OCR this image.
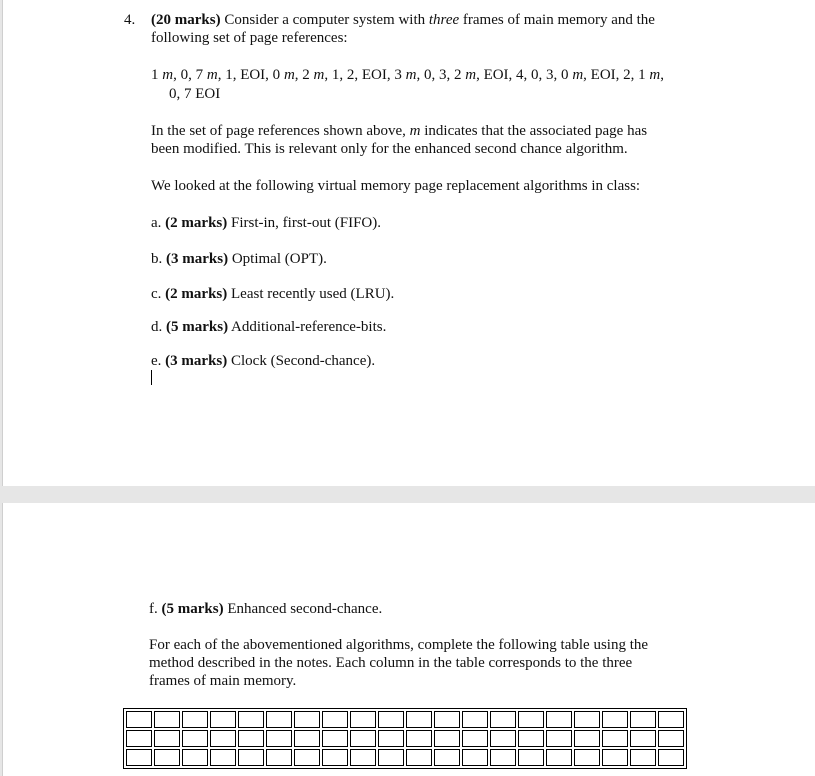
4. (20 marks) Consider a computer system with three frames of main memory and the
following set of page references:
1 m, 0, 7 m, 1, EOI, 0 m, 2 m, 1, 2, EOI, 3 m, 0, 3, 2 m, EOI, 4, 0, 3, 0 m, EOI, 2, 1 m,
0, 7 EOI
In the set of page references shown above, m indicates that the associated page has
been modified. This is relevant only for the enhanced second chance algorithm.
We looked at the following virtual memory page replacement algorithms in class:
a. (2 marks) First-in, first-out (FIFO).
b. (3 marks) Optimal (OPT).
c. (2 marks) Least recently used (LRU).
d. (5 marks) Additional-reference-bits.
e. (3 marks) Clock (Second-chance).
f. (5 marks) Enhanced second-chance.
For each of the abovementioned algorithms, complete the following table using the
method described in the notes. Each column in the table corresponds to the three
frames of main memory.
